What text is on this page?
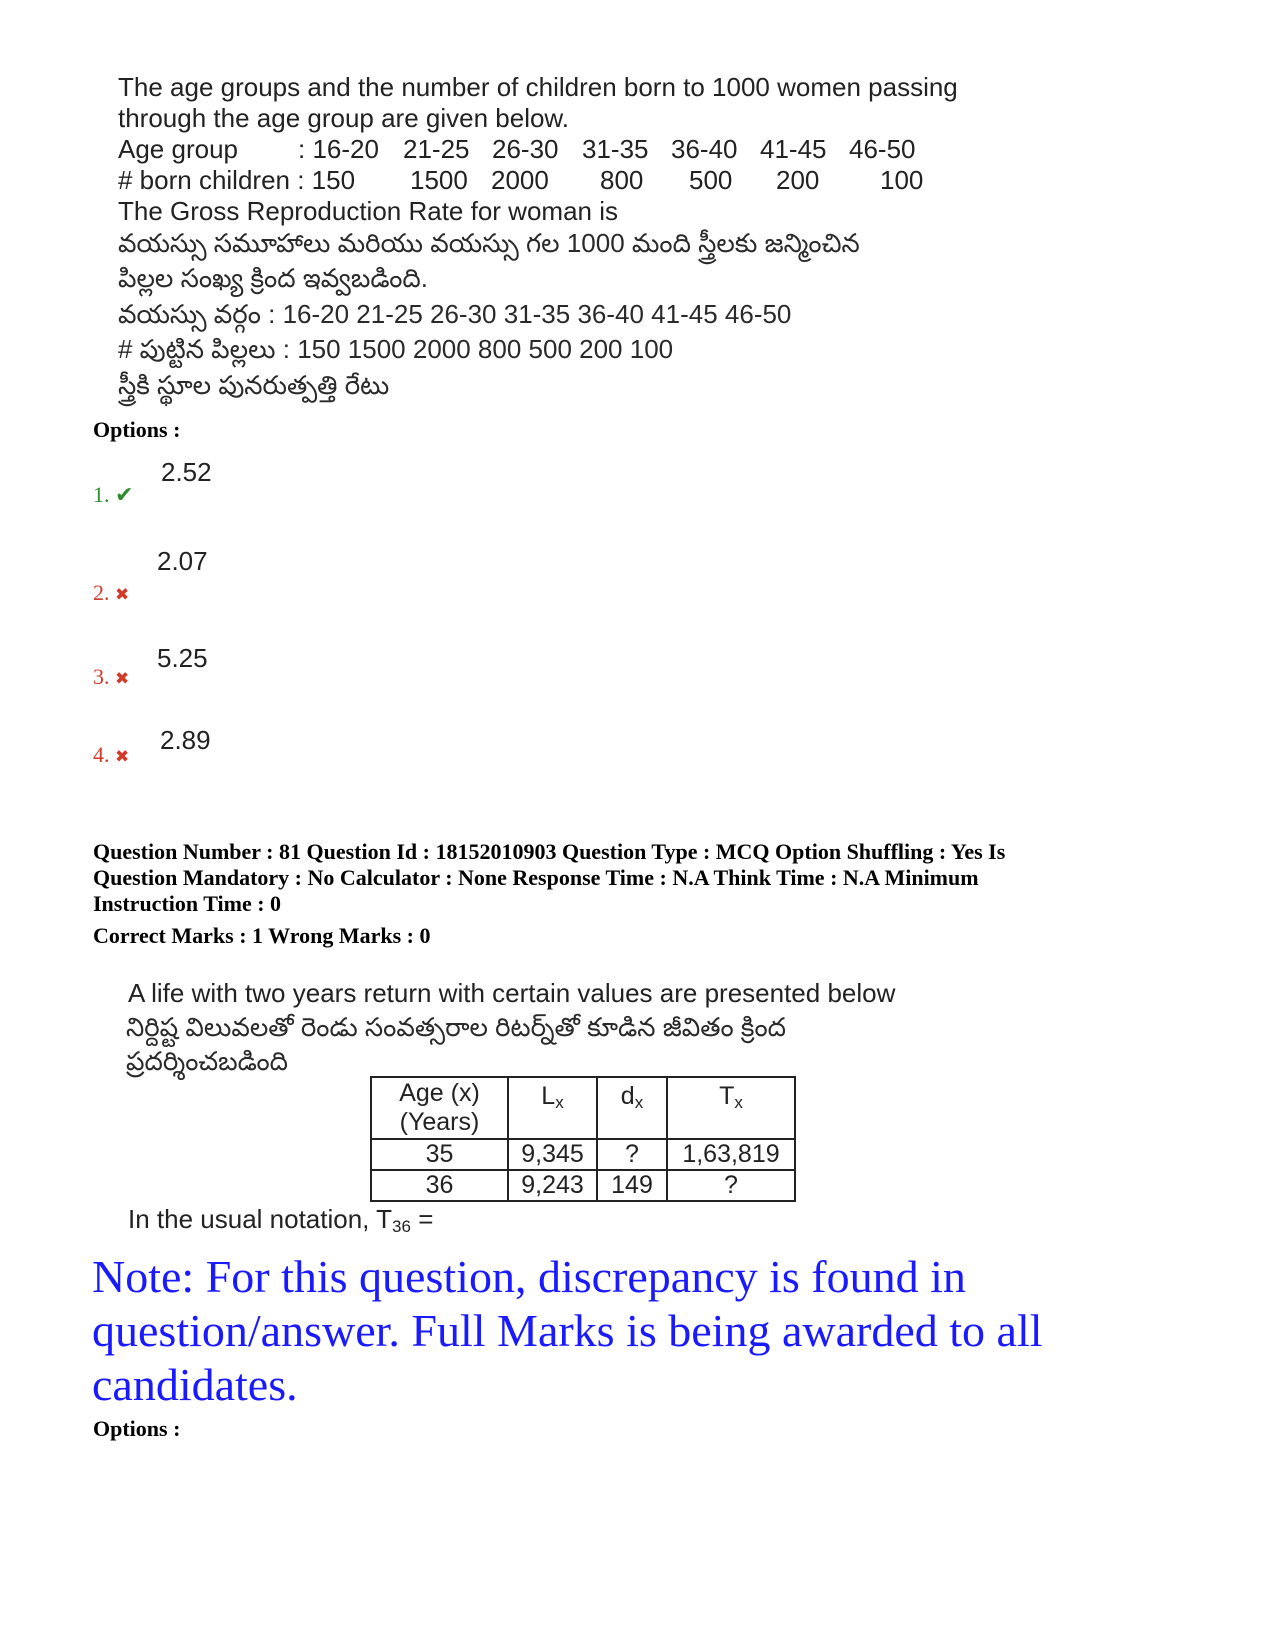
The age groups and the number of children born to 1000 women passing
through the age group are given below.
Age group : 16-20 21-25 26-30 31-35 36-40 41-45 46-50
# born children : 150 1500 2000 800 500 200 100
The Gross Reproduction Rate for woman is
వయస్సు సమూహాలు మరియు వయస్సు గల 1000 మంది స్త్రీలకు జన్మించిన
పిల్లల సంఖ్య క్రింద ఇవ్వబడింది.
వయస్సు వర్గం : 16-20 21-25 26-30 31-35 36-40 41-45 46-50
# పుట్టిన పిల్లలు : 150 1500 2000 800 500 200 100
స్త్రీకి స్థూల పునరుత్పత్తి రేటు
Options :
1. ✔
2.52
2. ✖
2.07
3. ✖
5.25
4. ✖
2.89
Question Number : 81 Question Id : 18152010903 Question Type : MCQ Option Shuffling : Yes Is
Question Mandatory : No Calculator : None Response Time : N.A Think Time : N.A Minimum
Instruction Time : 0
Correct Marks : 1 Wrong Marks : 0
A life with two years return with certain values are presented below
నిర్దిష్ట విలువలతో రెండు సంవత్సరాల రిటర్న్‌తో కూడిన జీవితం క్రింద
ప్రదర్శించబడింది
Age (x)
(Years)	$L_x$	$d_x$	$T_x$
35	9,345	?	1,63,819
36	9,243	149	?
In the usual notation, $T_{36}$ =
Note: For this question, discrepancy is found in
question/answer. Full Marks is being awarded to all
candidates.
Options :
